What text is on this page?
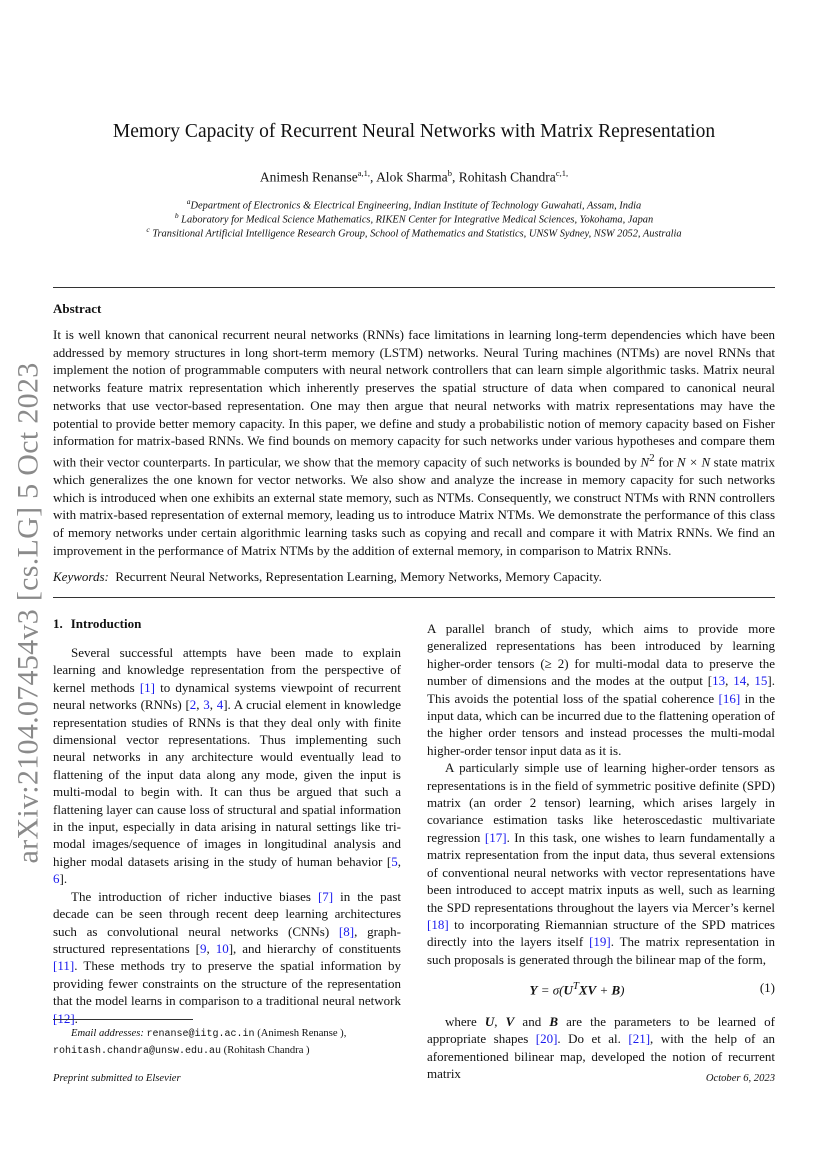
arXiv:2104.07454v3 [cs.LG] 5 Oct 2023
Memory Capacity of Recurrent Neural Networks with Matrix Representation
Animesh Renanse$^{a,1,}$, Alok Sharma$^b$, Rohitash Chandra$^{c,1,}$
$^a$Department of Electronics & Electrical Engineering, Indian Institute of Technology Guwahati, Assam, India
$^b$ Laboratory for Medical Science Mathematics, RIKEN Center for Integrative Medical Sciences, Yokohama, Japan
$^c$ Transitional Artificial Intelligence Research Group, School of Mathematics and Statistics, UNSW Sydney, NSW 2052, Australia
Abstract

It is well known that canonical recurrent neural networks (RNNs) face limitations in learning long-term dependencies which have been addressed by memory structures in long short-term memory (LSTM) networks. Neural Turing machines (NTMs) are novel RNNs that implement the notion of programmable computers with neural network controllers that can learn simple algorithmic tasks. Matrix neural networks feature matrix representation which inherently preserves the spatial structure of data when compared to canonical neural networks that use vector-based representation. One may then argue that neural networks with matrix representations may have the potential to provide better memory capacity. In this paper, we define and study a probabilistic notion of memory capacity based on Fisher information for matrix-based RNNs. We find bounds on memory capacity for such networks under various hypotheses and compare them with their vector counterparts. In particular, we show that the memory capacity of such networks is bounded by $N^2$ for N × N state matrix which generalizes the one known for vector networks. We also show and analyze the increase in memory capacity for such networks which is introduced when one exhibits an external state memory, such as NTMs. Consequently, we construct NTMs with RNN controllers with matrix-based representation of external memory, leading us to introduce Matrix NTMs. We demonstrate the performance of this class of memory networks under certain algorithmic learning tasks such as copying and recall and compare it with Matrix RNNs. We find an improvement in the performance of Matrix NTMs by the addition of external memory, in comparison to Matrix RNNs.

Keywords: Recurrent Neural Networks, Representation Learning, Memory Networks, Memory Capacity.
1. Introduction

Several successful attempts have been made to explain learning and knowledge representation from the perspective of kernel methods [1] to dynamical systems viewpoint of recurrent neural networks (RNNs) [2, 3, 4]. A crucial element in knowledge representation studies of RNNs is that they deal only with finite dimensional vector representations. Thus implementing such neural networks in any architecture would eventually lead to flattening of the input data along any mode, given the input is multi-modal to begin with. It can thus be argued that such a flattening layer can cause loss of structural and spatial information in the input, especially in data arising in natural settings like tri-modal images/sequence of images in longitudinal analysis and higher modal datasets arising in the study of human behavior [5, 6].

The introduction of richer inductive biases [7] in the past decade can be seen through recent deep learning architectures such as convolutional neural networks (CNNs) [8], graph-structured representations [9, 10], and hierarchy of constituents [11]. These methods try to preserve the spatial information by providing fewer constraints on the structure of the representation that the model learns in comparison to a traditional neural network [12].

A parallel branch of study, which aims to provide more generalized representations has been introduced by learning higher-order tensors (≥ 2) for multi-modal data to preserve the number of dimensions and the modes at the output [13, 14, 15]. This avoids the potential loss of the spatial coherence [16] in the input data, which can be incurred due to the flattening operation of the higher order tensors and instead processes the multi-modal higher-order tensor input data as it is.

A particularly simple use of learning higher-order tensors as representations is in the field of symmetric positive definite (SPD) matrix (an order 2 tensor) learning, which arises largely in covariance estimation tasks like heteroscedastic multivariate regression [17]. In this task, one wishes to learn fundamentally a matrix representation from the input data, thus several extensions of conventional neural networks with vector representations have been introduced to accept matrix inputs as well, such as learning the SPD representations throughout the layers via Mercer’s kernel [18] to incorporating Riemannian structure of the SPD matrices directly into the layers itself [19]. The matrix representation in such proposals is generated through the bilinear map of the form,

$Y = \sigma(U^TXV + B)$	(1)

where U, V and B are the parameters to be learned of appropriate shapes [20]. Do et al. [21], with the help of an aforementioned bilinear map, developed the notion of recurrent matrix

Email addresses: renanse@iitg.ac.in (Animesh Renanse ),
rohitash.chandra@unsw.edu.au (Rohitash Chandra )
Preprint submitted to Elsevier	October 6, 2023
